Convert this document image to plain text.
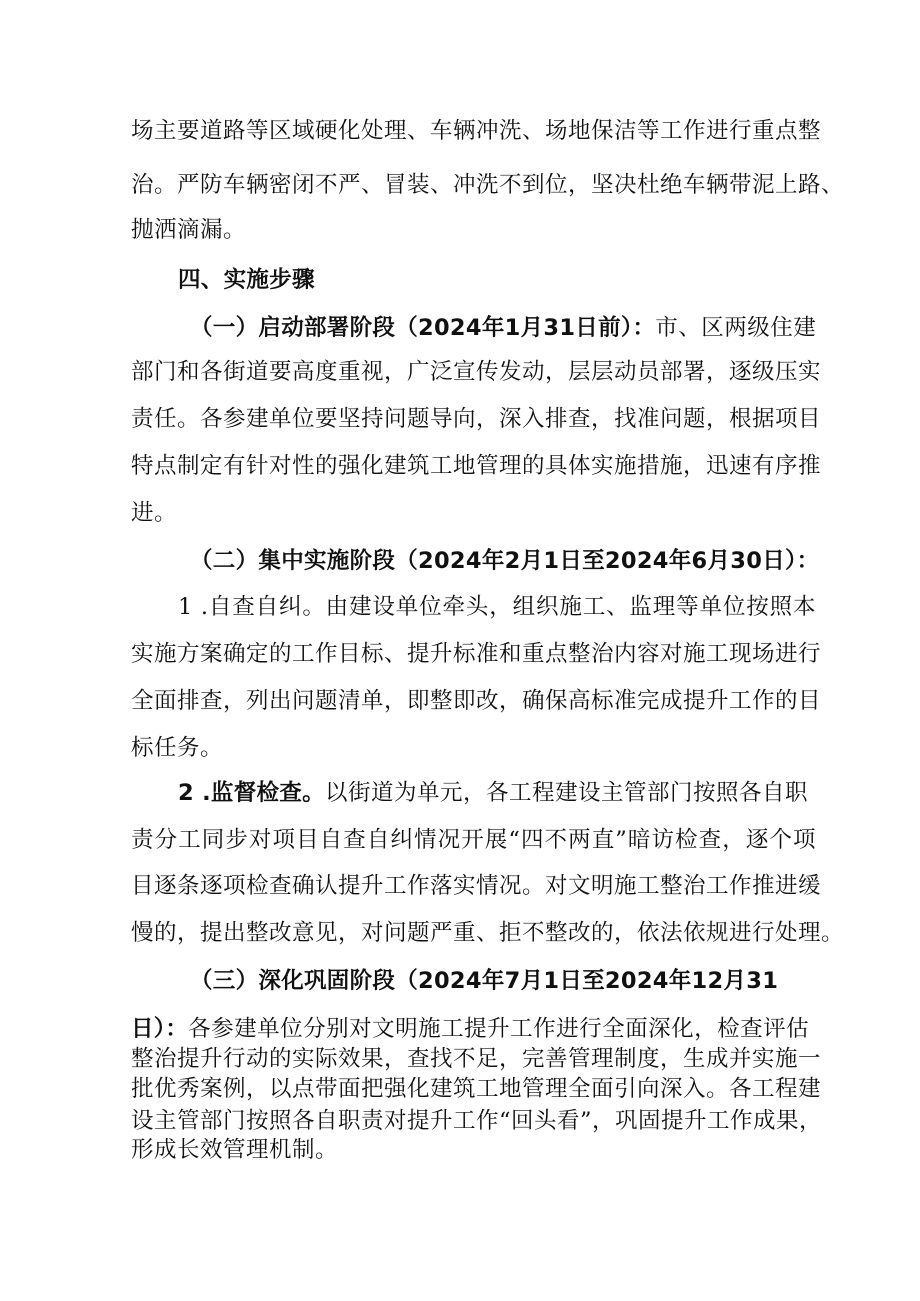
场主要道路等区域硬化处理、车辆冲洗、场地保洁等工作进行重点整
治。严防车辆密闭不严、冒装、冲洗不到位，坚决杜绝车辆带泥上路、
抛洒滴漏。
四、实施步骤
（一）启动部署阶段（2024年1月31日前）：市、区两级住建
部门和各街道要高度重视，广泛宣传发动，层层动员部署，逐级压实
责任。各参建单位要坚持问题导向，深入排查，找准问题，根据项目
特点制定有针对性的强化建筑工地管理的具体实施措施，迅速有序推
进。
（二）集中实施阶段（2024年2月1日至2024年6月30日）：
1 .自查自纠。由建设单位牵头，组织施工、监理等单位按照本
实施方案确定的工作目标、提升标准和重点整治内容对施工现场进行
全面排查，列出问题清单，即整即改，确保高标准完成提升工作的目
标任务。
2 .监督检查。以街道为单元，各工程建设主管部门按照各自职
责分工同步对项目自查自纠情况开展“四不两直”暗访检查，逐个项
目逐条逐项检查确认提升工作落实情况。对文明施工整治工作推进缓
慢的，提出整改意见，对问题严重、拒不整改的，依法依规进行处理。
（三）深化巩固阶段（2024年7月1日至2024年12月31
日）：各参建单位分别对文明施工提升工作进行全面深化，检查评估
整治提升行动的实际效果，查找不足，完善管理制度，生成并实施一
批优秀案例，以点带面把强化建筑工地管理全面引向深入。各工程建
设主管部门按照各自职责对提升工作“回头看”，巩固提升工作成果，
形成长效管理机制。
